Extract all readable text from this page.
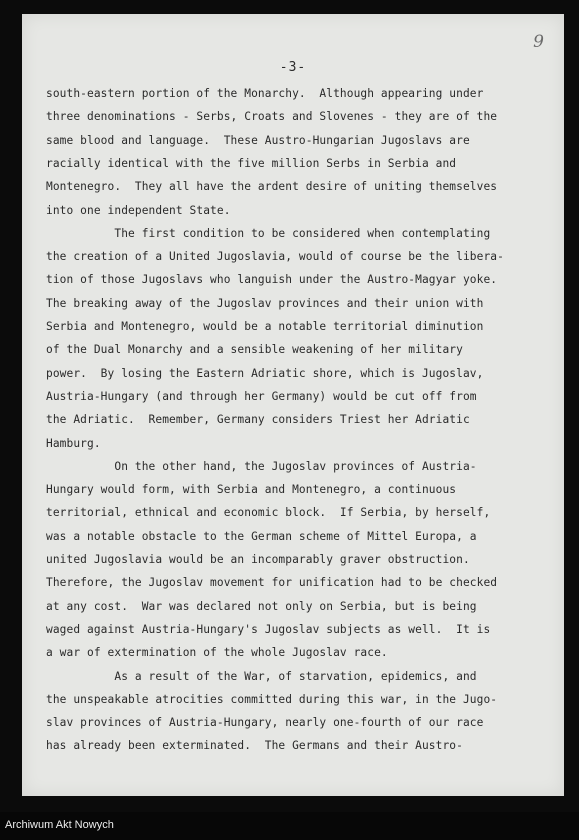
-3-
9
south-eastern portion of the Monarchy.  Although appearing under
three denominations - Serbs, Croats and Slovenes - they are of the
same blood and language.  These Austro-Hungarian Jugoslavs are
racially identical with the five million Serbs in Serbia and
Montenegro.  They all have the ardent desire of uniting themselves
into one independent State.
The first condition to be considered when contemplating
the creation of a United Jugoslavia, would of course be the libera-
tion of those Jugoslavs who languish under the Austro-Magyar yoke.
The breaking away of the Jugoslav provinces and their union with
Serbia and Montenegro, would be a notable territorial diminution
of the Dual Monarchy and a sensible weakening of her military
power.  By losing the Eastern Adriatic shore, which is Jugoslav,
Austria-Hungary (and through her Germany) would be cut off from
the Adriatic.  Remember, Germany considers Triest her Adriatic
Hamburg.
On the other hand, the Jugoslav provinces of Austria-
Hungary would form, with Serbia and Montenegro, a continuous
territorial, ethnical and economic block.  If Serbia, by herself,
was a notable obstacle to the German scheme of Mittel Europa, a
united Jugoslavia would be an incomparably graver obstruction.
Therefore, the Jugoslav movement for unification had to be checked
at any cost.  War was declared not only on Serbia, but is being
waged against Austria-Hungary's Jugoslav subjects as well.  It is
a war of extermination of the whole Jugoslav race.
As a result of the War, of starvation, epidemics, and
the unspeakable atrocities committed during this war, in the Jugo-
slav provinces of Austria-Hungary, nearly one-fourth of our race
has already been exterminated.  The Germans and their Austro-
Archiwum Akt Nowych
